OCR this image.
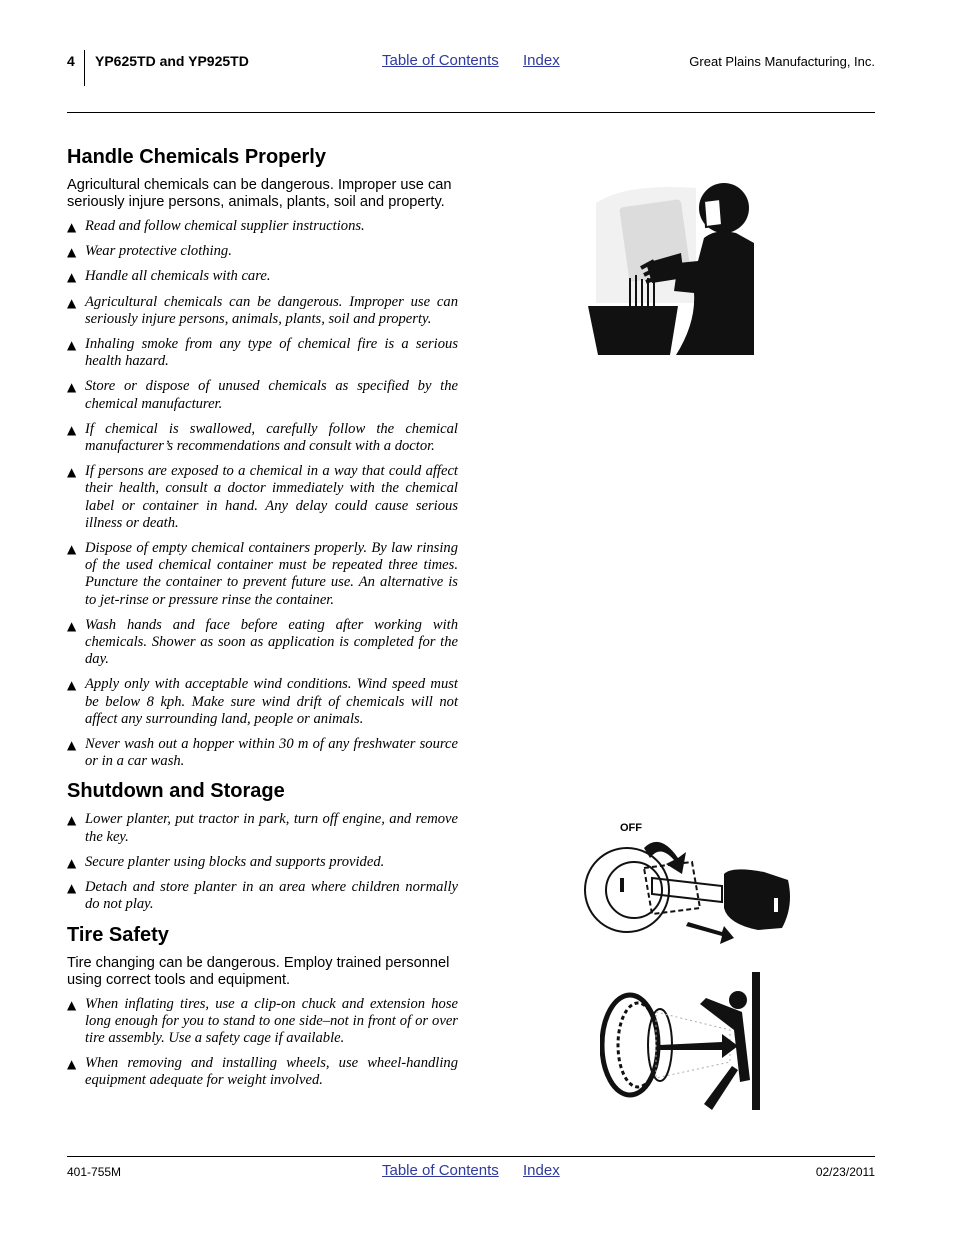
4 YP625TD and YP925TD	Table of Contents Index	Great Plains Manufacturing, Inc.
Handle Chemicals Properly

Agricultural chemicals can be dangerous. Improper use can seriously injure persons, animals, plants, soil and property.

▲ Read and follow chemical supplier instructions.
▲ Wear protective clothing.
▲ Handle all chemicals with care.
▲ Agricultural chemicals can be dangerous. Improper use can seriously injure persons, animals, plants, soil and property.
▲ Inhaling smoke from any type of chemical fire is a serious health hazard.
▲ Store or dispose of unused chemicals as specified by the chemical manufacturer.
▲ If chemical is swallowed, carefully follow the chemical manufacturer’s recommendations and consult with a doctor.
▲ If persons are exposed to a chemical in a way that could affect their health, consult a doctor immediately with the chemical label or container in hand. Any delay could cause serious illness or death.
▲ Dispose of empty chemical containers properly. By law rinsing of the used chemical container must be repeated three times. Puncture the container to prevent future use. An alternative is to jet-rinse or pressure rinse the container.
▲ Wash hands and face before eating after working with chemicals. Shower as soon as application is completed for the day.
▲ Apply only with acceptable wind conditions. Wind speed must be below 8 kph. Make sure wind drift of chemicals will not affect any surrounding land, people or animals.
▲ Never wash out a hopper within 30 m of any freshwater source or in a car wash.
Shutdown and Storage
▲ Lower planter, put tractor in park, turn off engine, and remove the key.
▲ Secure planter using blocks and supports provided.
▲ Detach and store planter in an area where children normally do not play.
Tire Safety

Tire changing can be dangerous. Employ trained personnel using correct tools and equipment.

▲ When inflating tires, use a clip-on chuck and extension hose long enough for you to stand to one side–not in front of or over tire assembly. Use a safety cage if available.
▲ When removing and installing wheels, use wheel-handling equipment adequate for weight involved.
OFF
401-755M	Table of Contents Index	02/23/2011
